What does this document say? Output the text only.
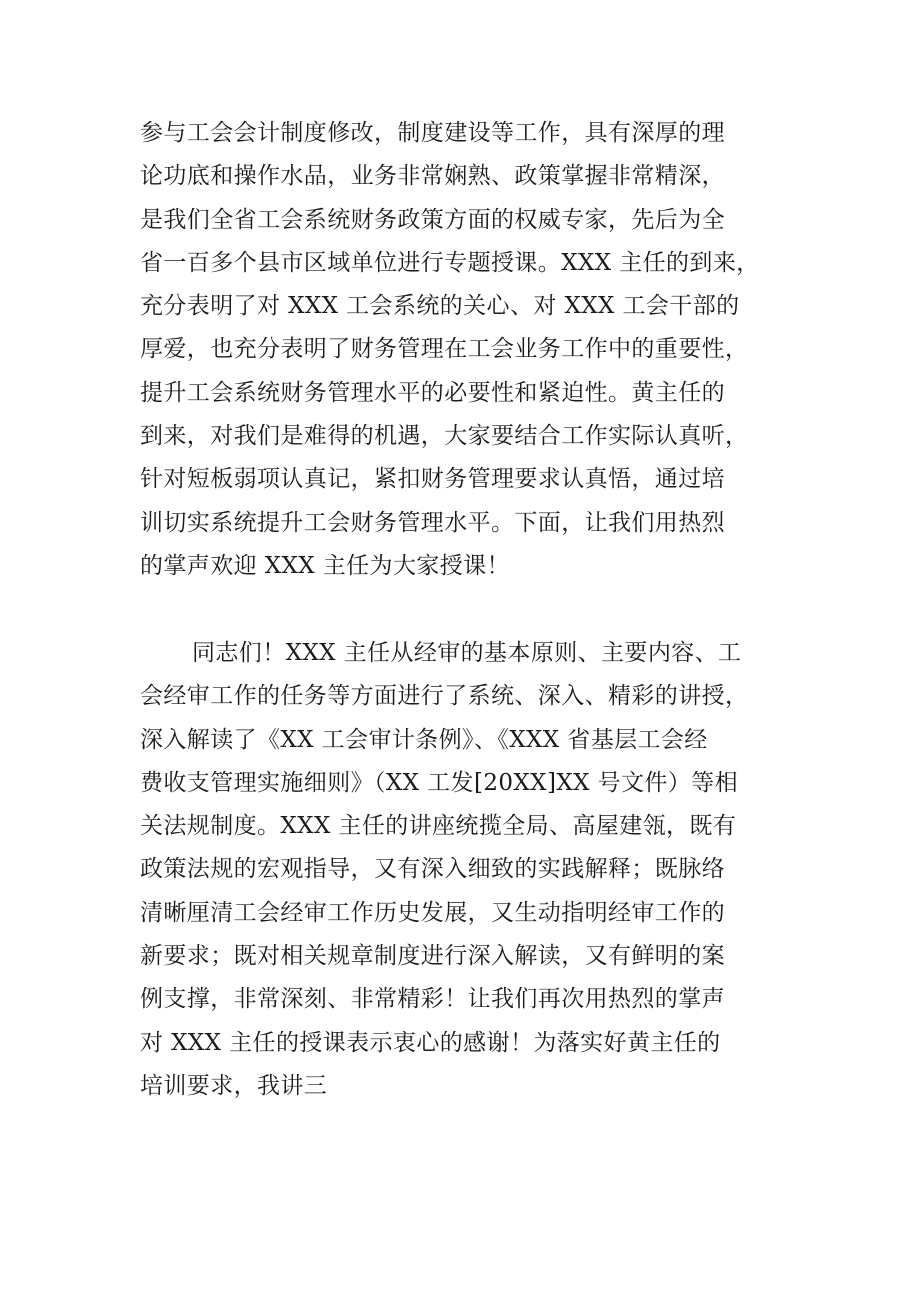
参与工会会计制度修改，制度建设等工作，具有深厚的理
论功底和操作水品，业务非常娴熟、政策掌握非常精深，
是我们全省工会系统财务政策方面的权威专家，先后为全
省一百多个县市区域单位进行专题授课。XXX 主任的到来，
充分表明了对 XXX 工会系统的关心、对 XXX 工会干部的
厚爱，也充分表明了财务管理在工会业务工作中的重要性，
提升工会系统财务管理水平的必要性和紧迫性。黄主任的
到来，对我们是难得的机遇，大家要结合工作实际认真听，
针对短板弱项认真记，紧扣财务管理要求认真悟，通过培
训切实系统提升工会财务管理水平。下面，让我们用热烈
的掌声欢迎 XXX 主任为大家授课！
同志们！XXX 主任从经审的基本原则、主要内容、工
会经审工作的任务等方面进行了系统、深入、精彩的讲授，
深入解读了《XX 工会审计条例》、《XXX 省基层工会经
费收支管理实施细则》（XX 工发[20XX]XX 号文件）等相
关法规制度。XXX 主任的讲座统揽全局、高屋建瓴，既有
政策法规的宏观指导，又有深入细致的实践解释；既脉络
清晰厘清工会经审工作历史发展，又生动指明经审工作的
新要求；既对相关规章制度进行深入解读，又有鲜明的案
例支撑，非常深刻、非常精彩！让我们再次用热烈的掌声
对 XXX 主任的授课表示衷心的感谢！为落实好黄主任的
培训要求，我讲三
